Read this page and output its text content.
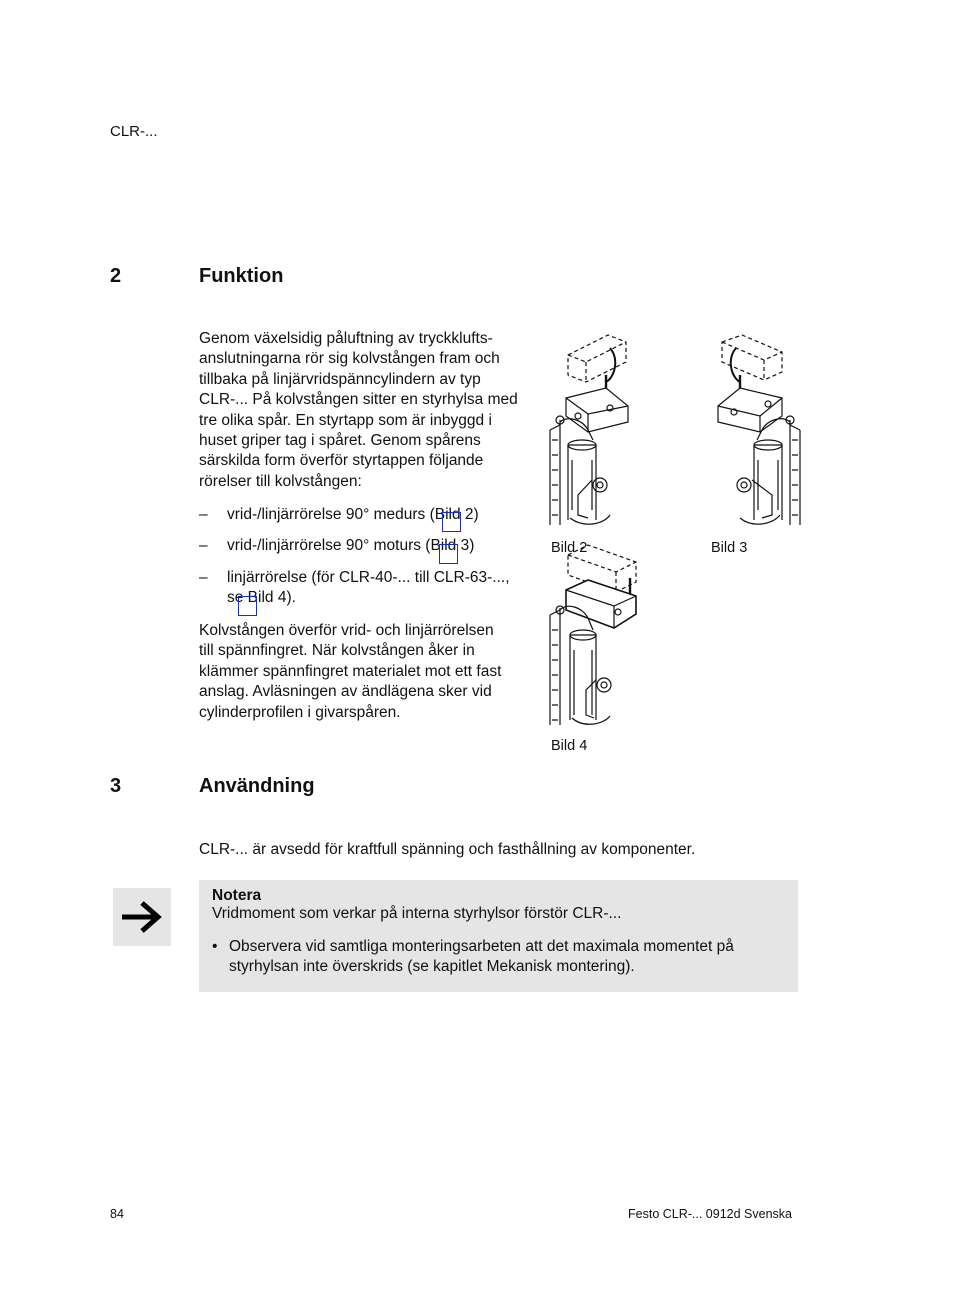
CLR-...
2	Funktion
Genom växelsidig påluftning av tryckklufts-
anslutningarna rör sig kolvstången fram och
tillbaka på linjärvridspänncylindern av typ
CLR-... På kolvstången sitter en styrhylsa med
tre olika spår. En styrtapp som är inbyggd i
huset griper tag i spåret. Genom spårens
särskilda form överför styrtappen följande
rörelser till kolvstången:
–	vrid-/linjärrörelse 90° medurs (Bild 2)
–	vrid-/linjärrörelse 90° moturs (Bild 3)
–	linjärrörelse (för CLR-40-... till CLR-63-...,
se Bild 4).
Kolvstången överför vrid- och linjärrörelsen
till spännfingret. När kolvstången åker in
klämmer spännfingret materialet mot ett fast
anslag. Avläsningen av ändlägena sker vid
cylinderprofilen i givarspåren.
Bild 2	Bild 3
Bild 4
3	Användning
CLR-... är avsedd för kraftfull spänning och fasthållning av komponenter.
Notera
Vridmoment som verkar på interna styrhylsor förstör CLR-...
• Observera vid samtliga monteringsarbeten att det maximala momentet på
styrhylsan inte överskrids (se kapitlet Mekanisk montering).
84	Festo CLR-... 0912d Svenska
